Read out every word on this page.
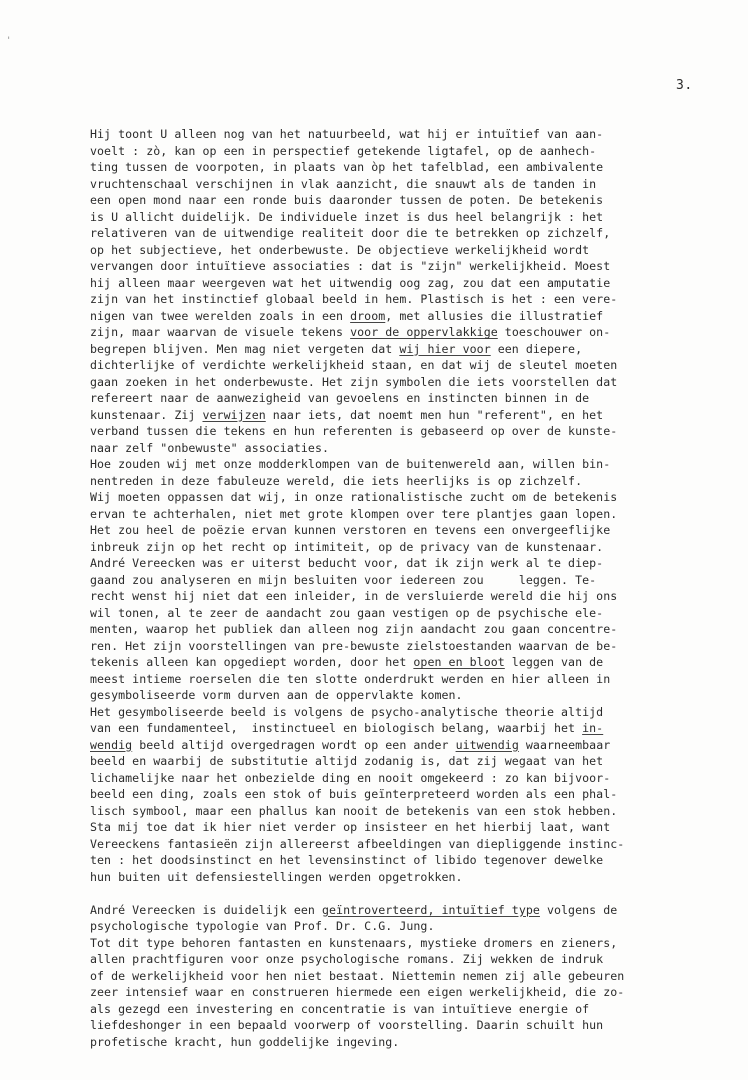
'
3.
Hij toont U alleen nog van het natuurbeeld, wat hij er intuïtief van aan-
voelt : zò, kan op een in perspectief getekende ligtafel, op de aanhech-
ting tussen de voorpoten, in plaats van òp het tafelblad, een ambivalente
vruchtenschaal verschijnen in vlak aanzicht, die snauwt als de tanden in
een open mond naar een ronde buis daaronder tussen de poten. De betekenis
is U allicht duidelijk. De individuele inzet is dus heel belangrijk : het
relativeren van de uitwendige realiteit door die te betrekken op zichzelf,
op het subjectieve, het onderbewuste. De objectieve werkelijkheid wordt
vervangen door intuïtieve associaties : dat is "zijn" werkelijkheid. Moest
hij alleen maar weergeven wat het uitwendig oog zag, zou dat een amputatie
zijn van het instinctief globaal beeld in hem. Plastisch is het : een vere-
nigen van twee werelden zoals in een droom, met allusies die illustratief
zijn, maar waarvan de visuele tekens voor de oppervlakkige toeschouwer on-
begrepen blijven. Men mag niet vergeten dat wij hier voor een diepere,
dichterlijke of verdichte werkelijkheid staan, en dat wij de sleutel moeten
gaan zoeken in het onderbewuste. Het zijn symbolen die iets voorstellen dat
refereert naar de aanwezigheid van gevoelens en instincten binnen in de
kunstenaar. Zij verwijzen naar iets, dat noemt men hun "referent", en het
verband tussen die tekens en hun referenten is gebaseerd op over de kunste-
naar zelf "onbewuste" associaties.
Hoe zouden wij met onze modderklompen van de buitenwereld aan, willen bin-
nentreden in deze fabuleuze wereld, die iets heerlijks is op zichzelf.
Wij moeten oppassen dat wij, in onze rationalistische zucht om de betekenis
ervan te achterhalen, niet met grote klompen over tere plantjes gaan lopen.
Het zou heel de poëzie ervan kunnen verstoren en tevens een onvergeeflijke
inbreuk zijn op het recht op intimiteit, op de privacy van de kunstenaar.
André Vereecken was er uiterst beducht voor, dat ik zijn werk al te diep-
gaand zou analyseren en mijn besluiten voor iedereen zou     leggen. Te-
recht wenst hij niet dat een inleider, in de versluierde wereld die hij ons
wil tonen, al te zeer de aandacht zou gaan vestigen op de psychische ele-
menten, waarop het publiek dan alleen nog zijn aandacht zou gaan concentre-
ren. Het zijn voorstellingen van pre-bewuste zielstoestanden waarvan de be-
tekenis alleen kan opgediept worden, door het open en bloot leggen van de
meest intieme roerselen die ten slotte onderdrukt werden en hier alleen in
gesymboliseerde vorm durven aan de oppervlakte komen.
Het gesymboliseerde beeld is volgens de psycho-analytische theorie altijd
van een fundamenteel,  instinctueel en biologisch belang, waarbij het in-
wendig beeld altijd overgedragen wordt op een ander uitwendig waarneembaar
beeld en waarbij de substitutie altijd zodanig is, dat zij wegaat van het
lichamelijke naar het onbezielde ding en nooit omgekeerd : zo kan bijvoor-
beeld een ding, zoals een stok of buis geïnterpreteerd worden als een phal-
lisch symbool, maar een phallus kan nooit de betekenis van een stok hebben.
Sta mij toe dat ik hier niet verder op insisteer en het hierbij laat, want
Vereeckens fantasieën zijn allereerst afbeeldingen van diepliggende instinc-
ten : het doodsinstinct en het levensinstinct of libido tegenover dewelke
hun buiten uit defensiestellingen werden opgetrokken.
André Vereecken is duidelijk een geïntroverteerd, intuïtief type volgens de
psychologische typologie van Prof. Dr. C.G. Jung.
Tot dit type behoren fantasten en kunstenaars, mystieke dromers en zieners,
allen prachtfiguren voor onze psychologische romans. Zij wekken de indruk
of de werkelijkheid voor hen niet bestaat. Niettemin nemen zij alle gebeuren
zeer intensief waar en construeren hiermede een eigen werkelijkheid, die zo-
als gezegd een investering en concentratie is van intuïtieve energie of
liefdeshonger in een bepaald voorwerp of voorstelling. Daarin schuilt hun
profetische kracht, hun goddelijke ingeving.
